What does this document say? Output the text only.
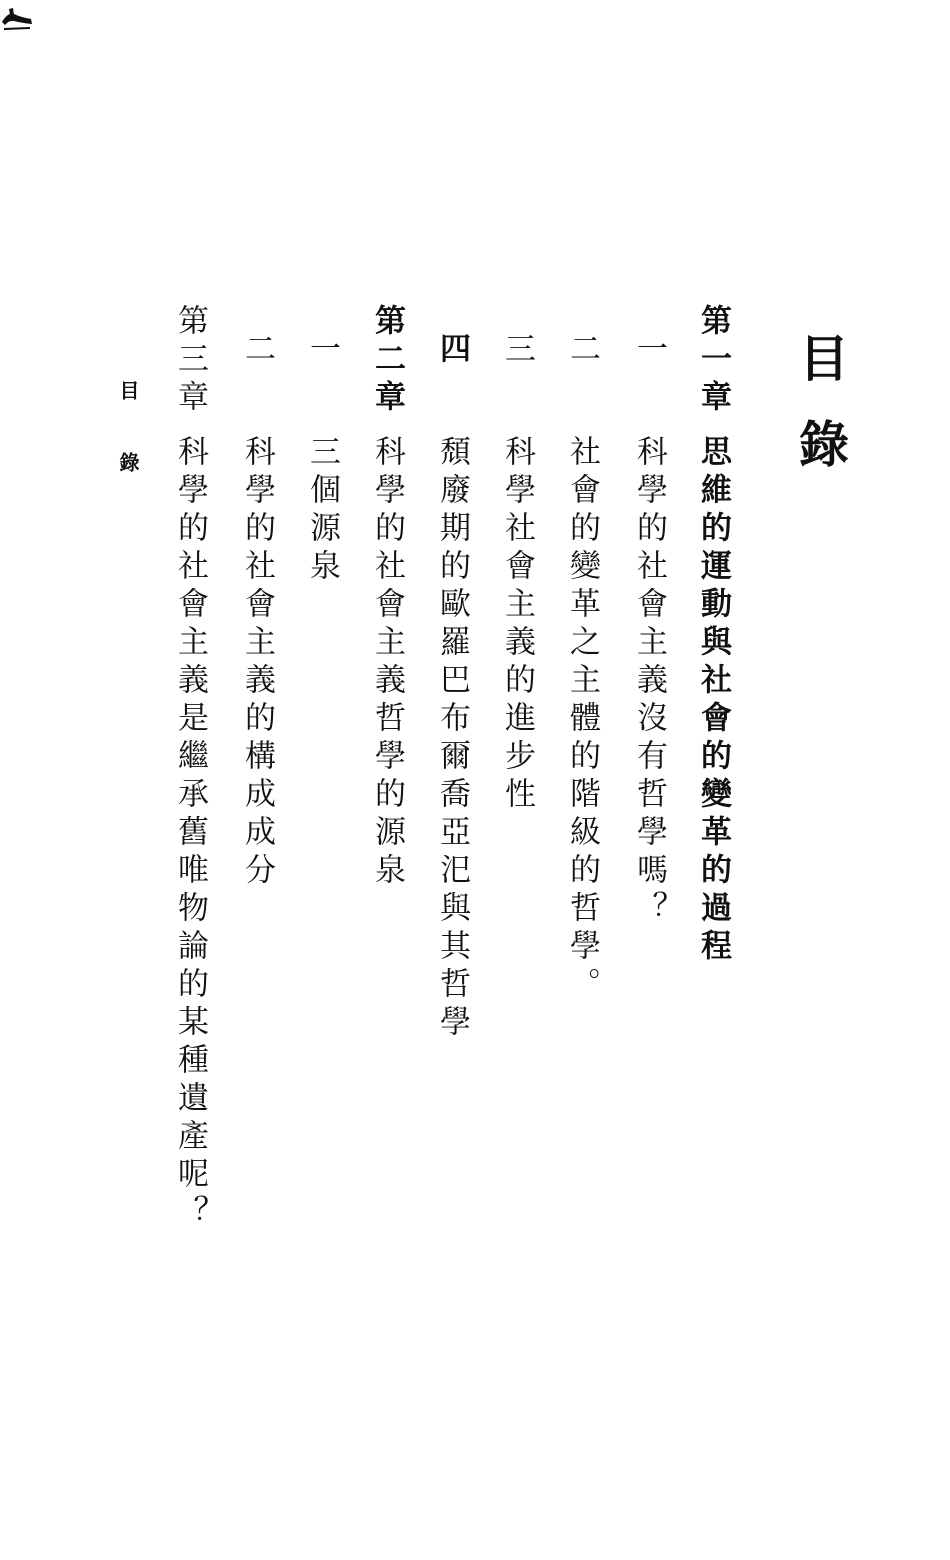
目錄
第一章
思維的運動與社會的變革的過程
一
科學的社會主義沒有哲學嗎？
二
社會的變革之主體的階級的哲學。
三
科學社會主義的進步性
四
頹廢期的歐羅巴布爾喬亞汜與其哲學
第二章
科學的社會主義哲學的源泉
一
三個源泉
二
科學的社會主義的構成成分
第三章
科學的社會主義是繼承舊唯物論的某種遺產呢？
目錄
